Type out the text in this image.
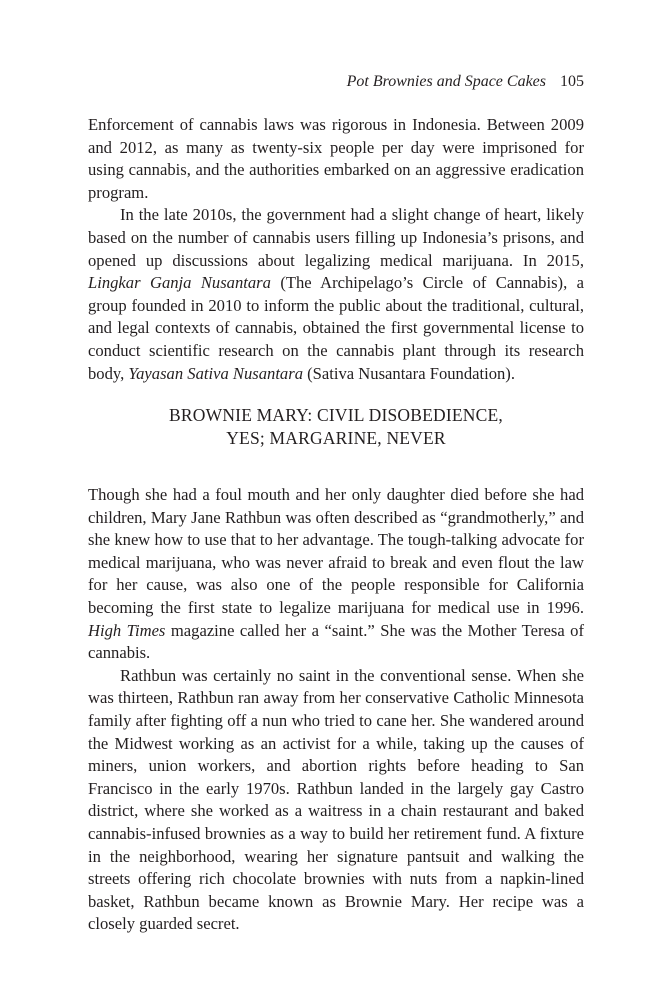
Pot Brownies and Space Cakes 105

Enforcement of cannabis laws was rigorous in Indonesia. Between 2009 and 2012, as many as twenty-six people per day were imprisoned for using cannabis, and the authorities embarked on an aggressive eradication program.

In the late 2010s, the government had a slight change of heart, likely based on the number of cannabis users filling up Indonesia’s prisons, and opened up discussions about legalizing medical marijuana. In 2015, Lingkar Ganja Nusantara (The Archipelago’s Circle of Cannabis), a group founded in 2010 to inform the public about the traditional, cultural, and legal contexts of cannabis, obtained the first governmental license to conduct scientific research on the cannabis plant through its research body, Yayasan Sativa Nusantara (Sativa Nusantara Foundation).

BROWNIE MARY: CIVIL DISOBEDIENCE,
YES; MARGARINE, NEVER

Though she had a foul mouth and her only daughter died before she had children, Mary Jane Rathbun was often described as “grandmotherly,” and she knew how to use that to her advantage. The tough-talking advocate for medical marijuana, who was never afraid to break and even flout the law for her cause, was also one of the people responsible for California becoming the first state to legalize marijuana for medical use in 1996. High Times magazine called her a “saint.” She was the Mother Teresa of cannabis.

Rathbun was certainly no saint in the conventional sense. When she was thirteen, Rathbun ran away from her conservative Catholic Minnesota family after fighting off a nun who tried to cane her. She wandered around the Midwest working as an activist for a while, taking up the causes of miners, union workers, and abortion rights before heading to San Francisco in the early 1970s. Rathbun landed in the largely gay Castro district, where she worked as a waitress in a chain restaurant and baked cannabis-infused brownies as a way to build her retirement fund. A fixture in the neighborhood, wearing her signature pantsuit and walking the streets offering rich chocolate brownies with nuts from a napkin-lined basket, Rathbun became known as Brownie Mary. Her recipe was a closely guarded secret.
